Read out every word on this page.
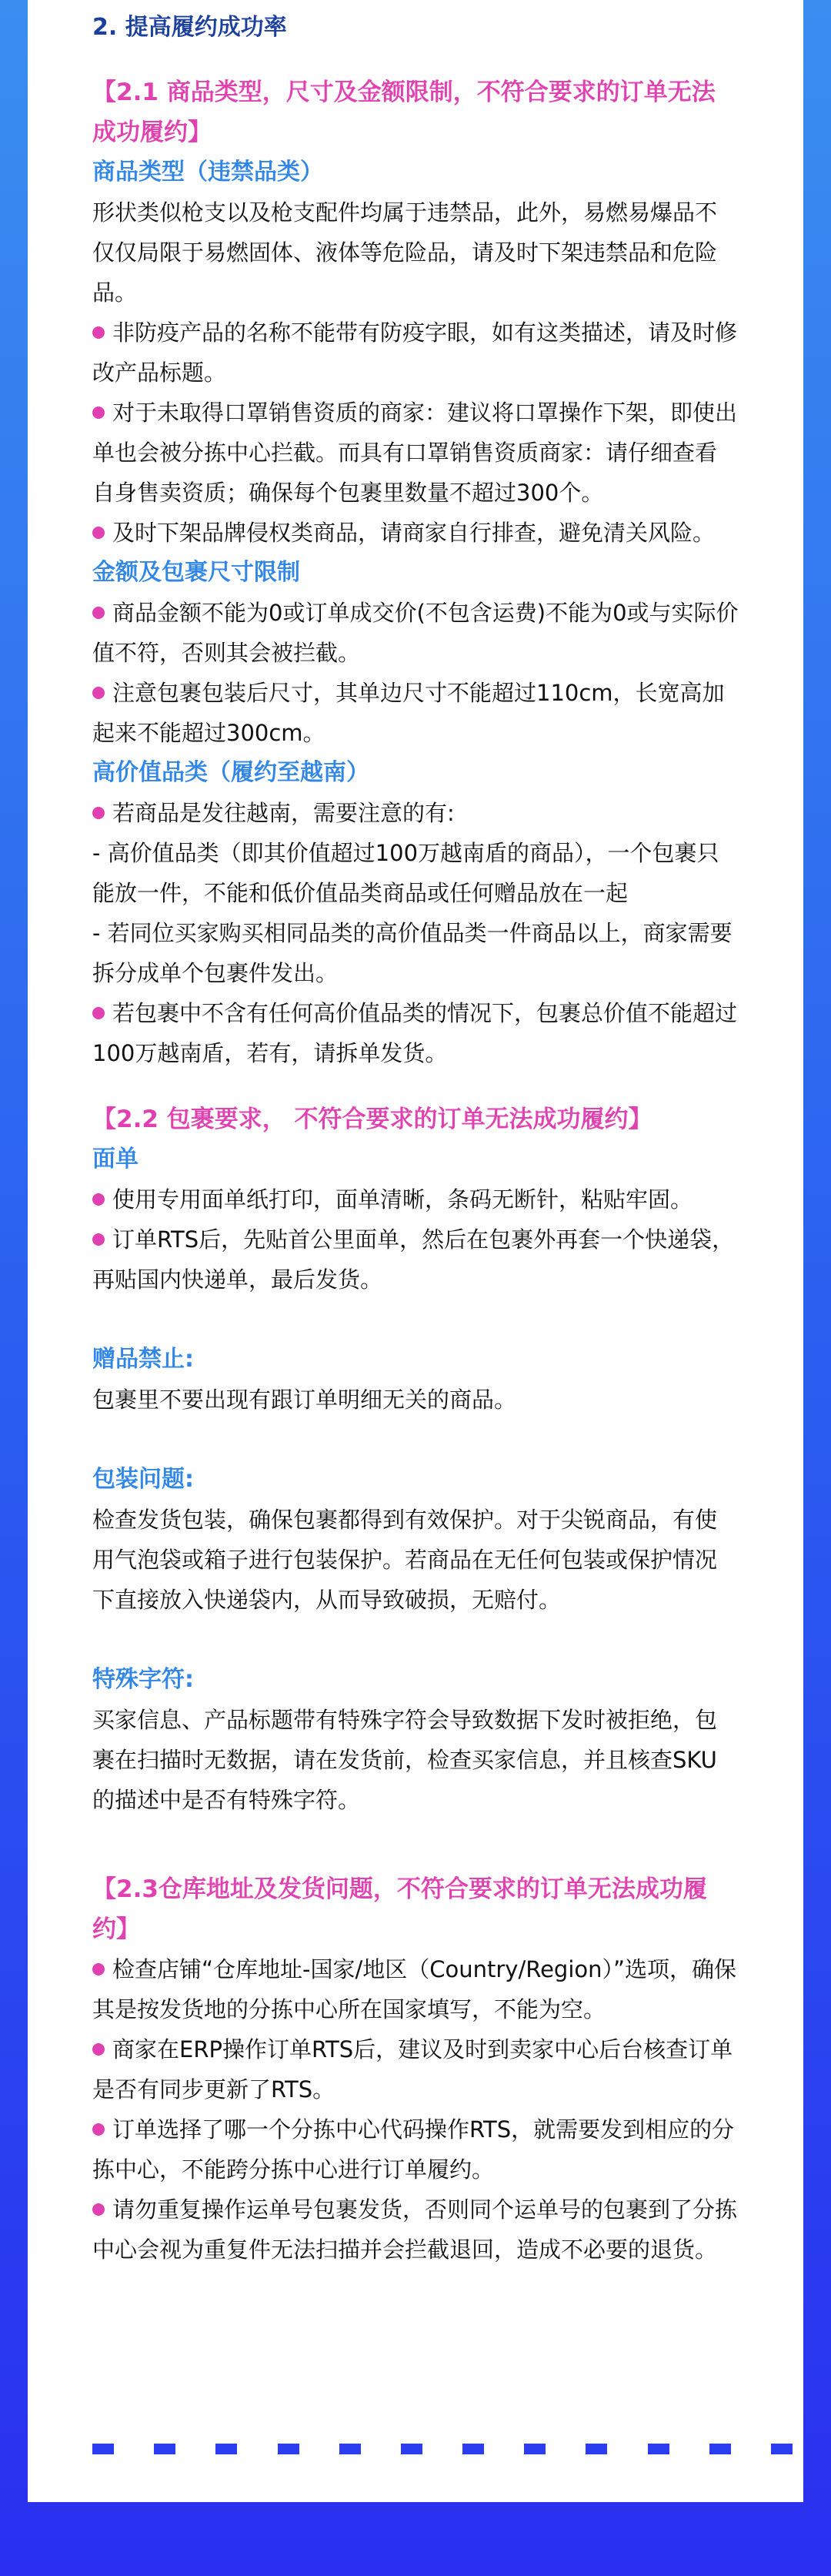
2. 提高履约成功率
【2.1 商品类型，尺寸及金额限制，不符合要求的订单无法成功履约】
商品类型（违禁品类）
形状类似枪支以及枪支配件均属于违禁品，此外，易燃易爆品不仅仅局限于易燃固体、液体等危险品，请及时下架违禁品和危险品。
非防疫产品的名称不能带有防疫字眼，如有这类描述，请及时修改产品标题。
对于未取得口罩销售资质的商家：建议将口罩操作下架，即使出单也会被分拣中心拦截。而具有口罩销售资质商家：请仔细查看自身售卖资质；确保每个包裹里数量不超过300个。
及时下架品牌侵权类商品，请商家自行排查，避免清关风险。
金额及包裹尺寸限制
商品金额不能为0或订单成交价(不包含运费)不能为0或与实际价值不符，否则其会被拦截。
注意包裹包装后尺寸，其单边尺寸不能超过110cm，长宽高加起来不能超过300cm。
高价值品类（履约至越南）
若商品是发往越南，需要注意的有:
- 高价值品类（即其价值超过100万越南盾的商品），一个包裹只能放一件，不能和低价值品类商品或任何赠品放在一起
- 若同位买家购买相同品类的高价值品类一件商品以上，商家需要拆分成单个包裹件发出。
若包裹中不含有任何高价值品类的情况下，包裹总价值不能超过100万越南盾，若有，请拆单发货。
【2.2 包裹要求， 不符合要求的订单无法成功履约】
面单
使用专用面单纸打印，面单清晰，条码无断针，粘贴牢固。
订单RTS后，先贴首公里面单，然后在包裹外再套一个快递袋，再贴国内快递单，最后发货。
赠品禁止:
包裹里不要出现有跟订单明细无关的商品。
包装问题:
检查发货包装，确保包裹都得到有效保护。对于尖锐商品，有使用气泡袋或箱子进行包装保护。若商品在无任何包装或保护情况下直接放入快递袋内，从而导致破损，无赔付。
特殊字符:
买家信息、产品标题带有特殊字符会导致数据下发时被拒绝，包裹在扫描时无数据，请在发货前，检查买家信息，并且核查SKU的描述中是否有特殊字符。
【2.3仓库地址及发货问题，不符合要求的订单无法成功履约】
检查店铺“仓库地址-国家/地区（Country/Region）”选项，确保其是按发货地的分拣中心所在国家填写，不能为空。
商家在ERP操作订单RTS后，建议及时到卖家中心后台核查订单是否有同步更新了RTS。
订单选择了哪一个分拣中心代码操作RTS，就需要发到相应的分拣中心，不能跨分拣中心进行订单履约。
请勿重复操作运单号包裹发货，否则同个运单号的包裹到了分拣中心会视为重复件无法扫描并会拦截退回，造成不必要的退货。
